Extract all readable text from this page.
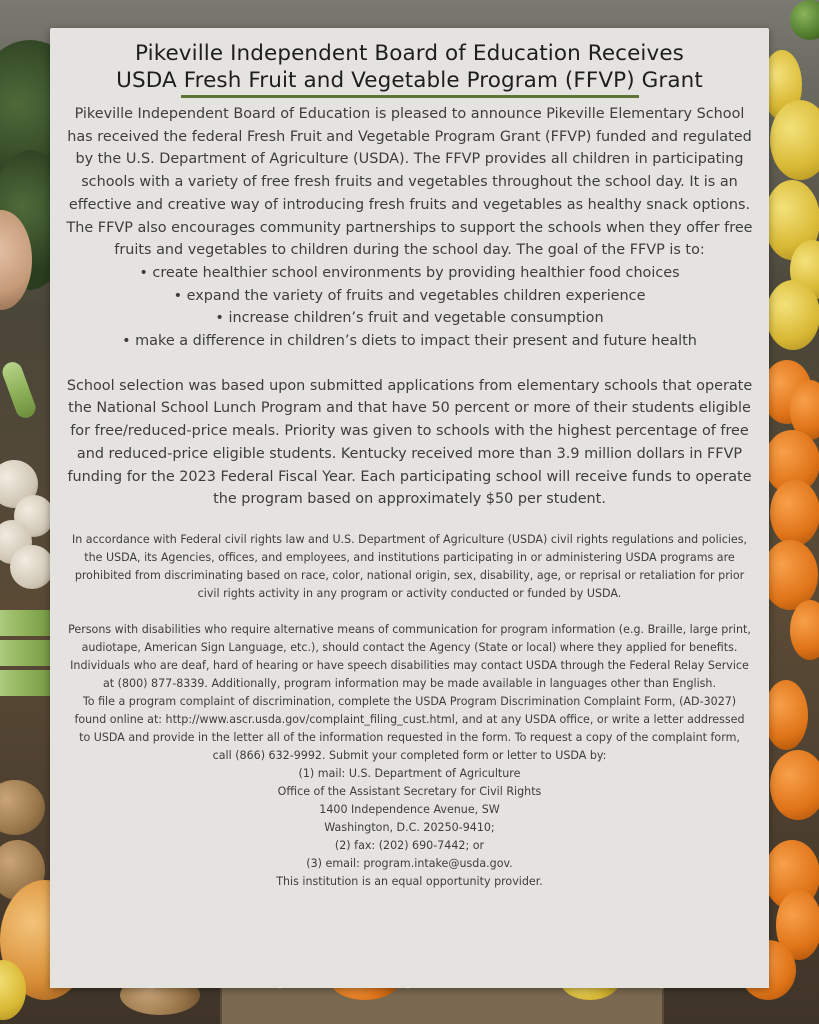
Pikeville Independent Board of Education Receives
USDA Fresh Fruit and Vegetable Program (FFVP) Grant

Pikeville Independent Board of Education is pleased to announce Pikeville Elementary School has received the federal Fresh Fruit and Vegetable Program Grant (FFVP) funded and regulated by the U.S. Department of Agriculture (USDA). The FFVP provides all children in participating schools with a variety of free fresh fruits and vegetables throughout the school day. It is an effective and creative way of introducing fresh fruits and vegetables as healthy snack options. The FFVP also encourages community partnerships to support the schools when they offer free fruits and vegetables to children during the school day. The goal of the FFVP is to:

• create healthier school environments by providing healthier food choices
• expand the variety of fruits and vegetables children experience
• increase children’s fruit and vegetable consumption
• make a difference in children’s diets to impact their present and future health

School selection was based upon submitted applications from elementary schools that operate the National School Lunch Program and that have 50 percent or more of their students eligible for free/reduced-price meals. Priority was given to schools with the highest percentage of free and reduced-price eligible students. Kentucky received more than 3.9 million dollars in FFVP funding for the 2023 Federal Fiscal Year. Each participating school will receive funds to operate the program based on approximately $50 per student.

In accordance with Federal civil rights law and U.S. Department of Agriculture (USDA) civil rights regulations and policies, the USDA, its Agencies, offices, and employees, and institutions participating in or administering USDA programs are prohibited from discriminating based on race, color, national origin, sex, disability, age, or reprisal or retaliation for prior civil rights activity in any program or activity conducted or funded by USDA.

Persons with disabilities who require alternative means of communication for program information (e.g. Braille, large print, audiotape, American Sign Language, etc.), should contact the Agency (State or local) where they applied for benefits. Individuals who are deaf, hard of hearing or have speech disabilities may contact USDA through the Federal Relay Service at (800) 877-8339. Additionally, program information may be made available in languages other than English.

To file a program complaint of discrimination, complete the USDA Program Discrimination Complaint Form, (AD-3027) found online at: http://www.ascr.usda.gov/complaint_filing_cust.html, and at any USDA office, or write a letter addressed to USDA and provide in the letter all of the information requested in the form. To request a copy of the complaint form, call (866) 632-9992. Submit your completed form or letter to USDA by:

(1) mail: U.S. Department of Agriculture

Office of the Assistant Secretary for Civil Rights

1400 Independence Avenue, SW

Washington, D.C. 20250-9410;

(2) fax: (202) 690-7442; or

(3) email: program.intake@usda.gov.

This institution is an equal opportunity provider.
